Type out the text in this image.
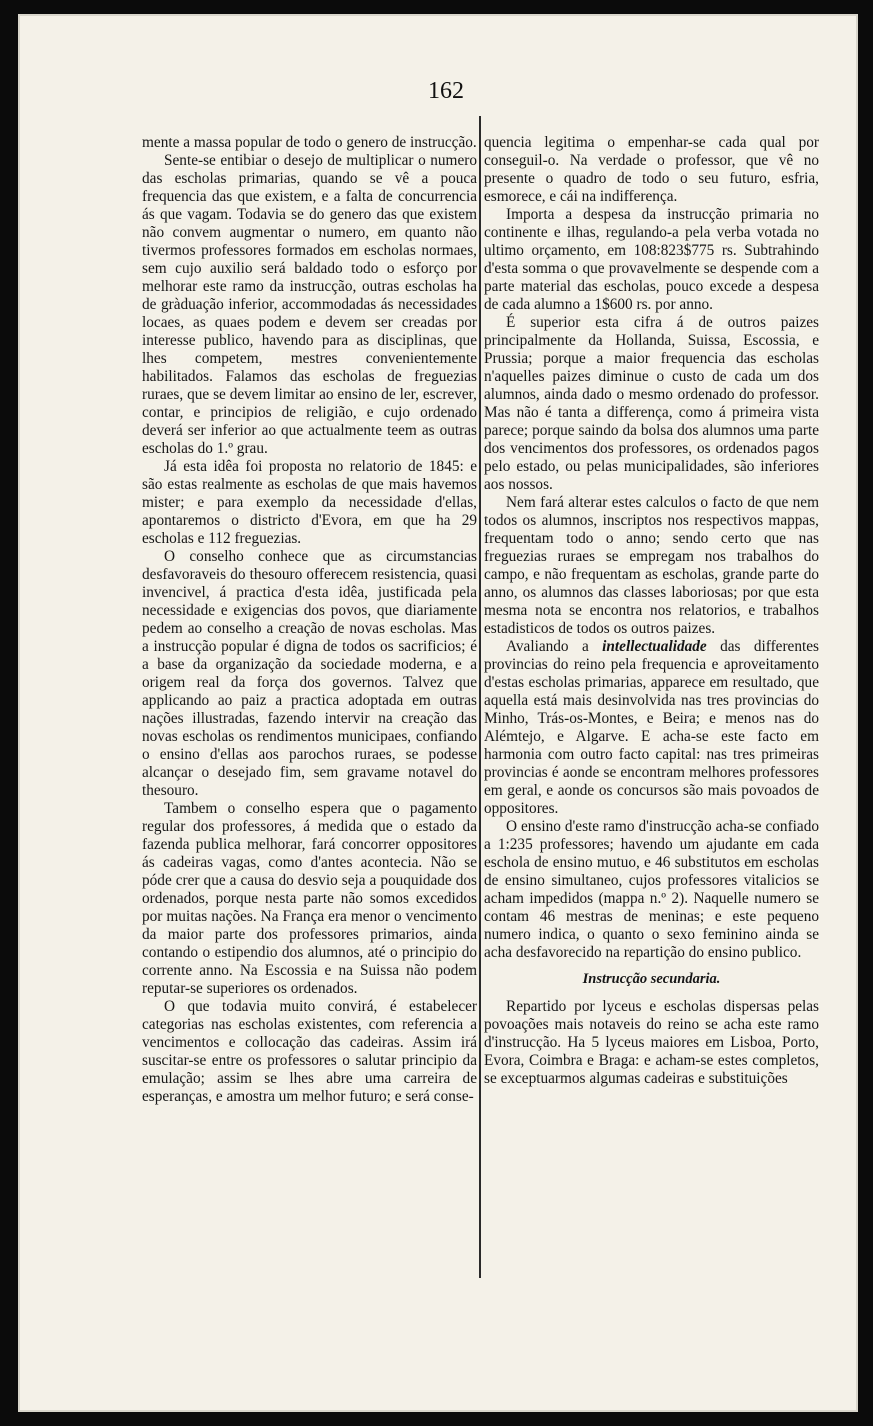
162

mente a massa popular de todo o genero de instrucção.

Sente-se entibiar o desejo de multiplicar o numero das escholas primarias, quando se vê a pouca frequencia das que existem, e a falta de concurrencia ás que vagam. Todavia se do genero das que existem não convem augmentar o numero, em quanto não tivermos professores formados em escholas normaes, sem cujo auxilio será baldado todo o esforço por melhorar este ramo da instrucção, outras escholas ha de gràduação inferior, accommodadas ás necessidades locaes, as quaes podem e devem ser creadas por interesse publico, havendo para as disciplinas, que lhes competem, mestres convenientemente habilitados. Falamos das escholas de freguezias ruraes, que se devem limitar ao ensino de ler, escrever, contar, e principios de religião, e cujo ordenado deverá ser inferior ao que actualmente teem as outras escholas do 1.º grau.

Já esta idêa foi proposta no relatorio de 1845: e são estas realmente as escholas de que mais havemos mister; e para exemplo da necessidade d'ellas, apontaremos o districto d'Evora, em que ha 29 escholas e 112 freguezias.

O conselho conhece que as circumstancias desfavoraveis do thesouro offerecem resistencia, quasi invencivel, á practica d'esta idêa, justificada pela necessidade e exigencias dos povos, que diariamente pedem ao conselho a creação de novas escholas. Mas a instrucção popular é digna de todos os sacrificios; é a base da organização da sociedade moderna, e a origem real da força dos governos. Talvez que applicando ao paiz a practica adoptada em outras nações illustradas, fazendo intervir na creação das novas escholas os rendimentos municipaes, confiando o ensino d'ellas aos parochos ruraes, se podesse alcançar o desejado fim, sem gravame notavel do thesouro.

Tambem o conselho espera que o pagamento regular dos professores, á medida que o estado da fazenda publica melhorar, fará concorrer oppositores ás cadeiras vagas, como d'antes acontecia. Não se póde crer que a causa do desvio seja a pouquidade dos ordenados, porque nesta parte não somos excedidos por muitas nações. Na França era menor o vencimento da maior parte dos professores primarios, ainda contando o estipendio dos alumnos, até o principio do corrente anno. Na Escossia e na Suissa não podem reputar-se superiores os ordenados.

O que todavia muito convirá, é estabelecer categorias nas escholas existentes, com referencia a vencimentos e collocação das cadeiras. Assim irá suscitar-se entre os professores o salutar principio da emulação; assim se lhes abre uma carreira de esperanças, e amostra um melhor futuro; e será conse-

quencia legitima o empenhar-se cada qual por conseguil-o. Na verdade o professor, que vê no presente o quadro de todo o seu futuro, esfria, esmorece, e cái na indifferença.

Importa a despesa da instrucção primaria no continente e ilhas, regulando-a pela verba votada no ultimo orçamento, em 108:823$775 rs. Subtrahindo d'esta somma o que provavelmente se despende com a parte material das escholas, pouco excede a despesa de cada alumno a 1$600 rs. por anno.

É superior esta cifra á de outros paizes principalmente da Hollanda, Suissa, Escossia, e Prussia; porque a maior frequencia das escholas n'aquelles paizes diminue o custo de cada um dos alumnos, ainda dado o mesmo ordenado do professor. Mas não é tanta a differença, como á primeira vista parece; porque saindo da bolsa dos alumnos uma parte dos vencimentos dos professores, os ordenados pagos pelo estado, ou pelas municipalidades, são inferiores aos nossos.

Nem fará alterar estes calculos o facto de que nem todos os alumnos, inscriptos nos respectivos mappas, frequentam todo o anno; sendo certo que nas freguezias ruraes se empregam nos trabalhos do campo, e não frequentam as escholas, grande parte do anno, os alumnos das classes laboriosas; por que esta mesma nota se encontra nos relatorios, e trabalhos estadisticos de todos os outros paizes.

Avaliando a intellectualidade das differentes provincias do reino pela frequencia e aproveitamento d'estas escholas primarias, apparece em resultado, que aquella está mais desinvolvida nas tres provincias do Minho, Trás-os-Montes, e Beira; e menos nas do Alémtejo, e Algarve. E acha-se este facto em harmonia com outro facto capital: nas tres primeiras provincias é aonde se encontram melhores professores em geral, e aonde os concursos são mais povoados de oppositores.

O ensino d'este ramo d'instrucção acha-se confiado a 1:235 professores; havendo um ajudante em cada eschola de ensino mutuo, e 46 substitutos em escholas de ensino simultaneo, cujos professores vitalicios se acham impedidos (mappa n.º 2). Naquelle numero se contam 46 mestras de meninas; e este pequeno numero indica, o quanto o sexo feminino ainda se acha desfavorecido na repartição do ensino publico.

Instrucção secundaria.

Repartido por lyceus e escholas dispersas pelas povoações mais notaveis do reino se acha este ramo d'instrucção. Ha 5 lyceus maiores em Lisboa, Porto, Evora, Coimbra e Braga: e acham-se estes completos, se exceptuarmos algumas cadeiras e substituições
